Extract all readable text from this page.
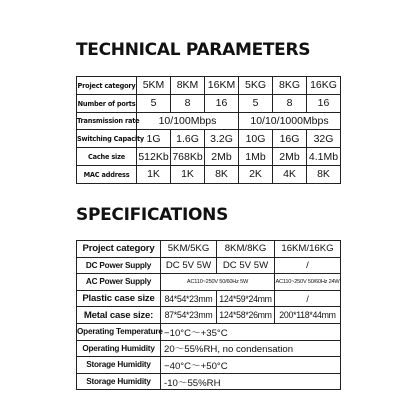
TECHNICAL PARAMETERS
Project category	5KM	8KM	16KM	5KG	8KG	16KG
Number of ports	5	8	16	5	8	16
Transmission rate	10/100Mbps			10/10/1000Mbps		
Switching Capacity	1G	1.6G	3.2G	10G	16G	32G
Cache size	512Kb	768Kb	2Mb	1Mb	2Mb	4.1Mb
MAC address	1K	1K	8K	2K	4K	8K
SPECIFICATIONS
Project category	5KM/5KG	8KM/8KG	16KM/16KG
DC Power Supply	DC 5V 5W	DC 5V 5W	/
AC Power Supply	AC110~250V 50/60Hz 5W		AC110~250V 50/60Hz 24W
Plastic case size	84*54*23mm	124*59*24mm	/
Metal case size:	87*54*23mm	124*58*26mm	200*118*44mm
Operating Temperature	−10°C～+35°C		
Operating Humidity	20～55%RH, no condensation		
Storage Humidity	−40°C～+50°C		
Storage Humidity	-10～55%RH		
